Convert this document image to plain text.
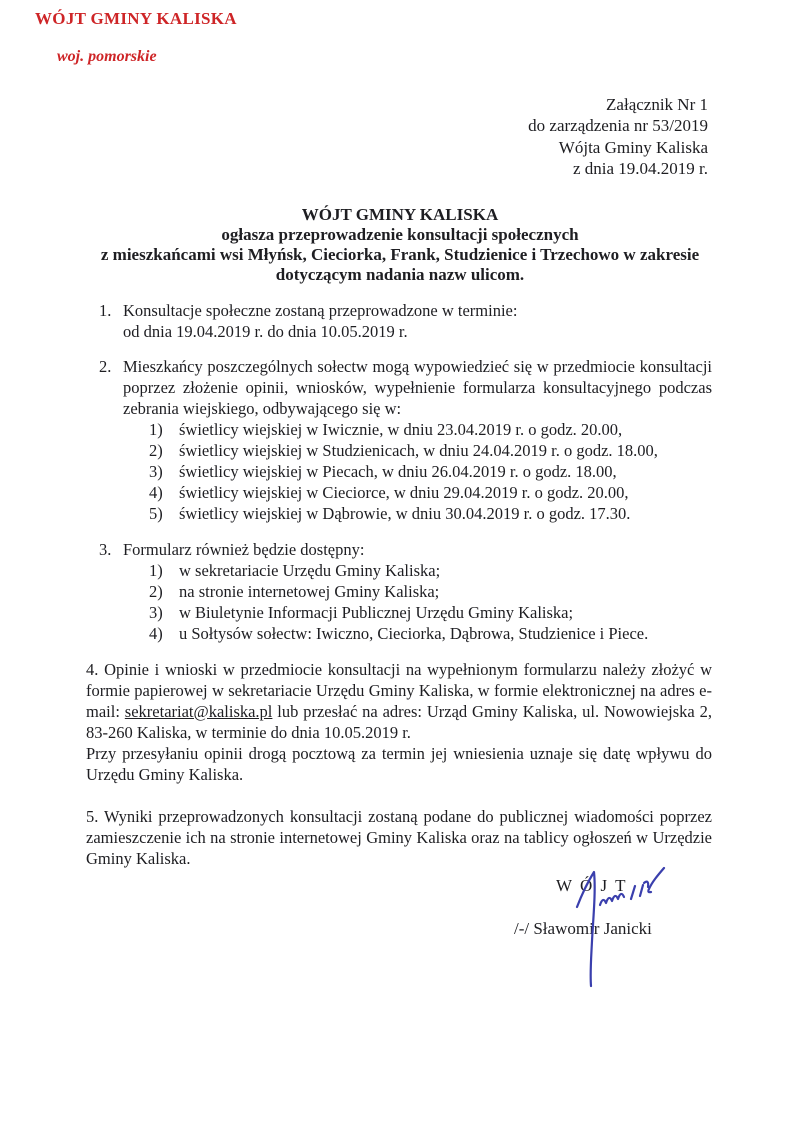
WÓJT GMINY KALISKA
woj. pomorskie
Załącznik Nr 1
do zarządzenia nr 53/2019
Wójta Gminy Kaliska
z dnia 19.04.2019 r.
WÓJT GMINY KALISKA
ogłasza przeprowadzenie konsultacji społecznych
z mieszkańcami wsi Młyńsk, Cieciorka, Frank, Studzienice i Trzechowo w zakresie
dotyczącym nadania nazw ulicom.
1. Konsultacje społeczne zostaną przeprowadzone w terminie:
od dnia 19.04.2019 r. do dnia 10.05.2019 r.
2. Mieszkańcy poszczególnych sołectw mogą wypowiedzieć się w przedmiocie konsultacji poprzez złożenie opinii, wniosków, wypełnienie formularza konsultacyjnego podczas zebrania wiejskiego, odbywającego się w:
1) świetlicy wiejskiej w Iwicznie, w dniu 23.04.2019 r. o godz. 20.00,
2) świetlicy wiejskiej w Studzienicach, w dniu 24.04.2019 r. o godz. 18.00,
3) świetlicy wiejskiej w Piecach, w dniu 26.04.2019 r. o godz. 18.00,
4) świetlicy wiejskiej w Cieciorce, w dniu 29.04.2019 r. o godz. 20.00,
5) świetlicy wiejskiej w Dąbrowie, w dniu 30.04.2019 r. o godz. 17.30.
3. Formularz również będzie dostępny:
1) w sekretariacie Urzędu Gminy Kaliska;
2) na stronie internetowej Gminy Kaliska;
3) w Biuletynie Informacji Publicznej Urzędu Gminy Kaliska;
4) u Sołtysów sołectw: Iwiczno, Cieciorka, Dąbrowa, Studzienice i Piece.

4. Opinie i wnioski w przedmiocie konsultacji na wypełnionym formularzu należy złożyć w formie papierowej w sekretariacie Urzędu Gminy Kaliska, w formie elektronicznej na adres e-mail: sekretariat@kaliska.pl lub przesłać na adres: Urząd Gminy Kaliska, ul. Nowowiejska 2, 83-260 Kaliska, w terminie do dnia 10.05.2019 r.

Przy przesyłaniu opinii drogą pocztową za termin jej wniesienia uznaje się datę wpływu do Urzędu Gminy Kaliska.

5. Wyniki przeprowadzonych konsultacji zostaną podane do publicznej wiadomości poprzez zamieszczenie ich na stronie internetowej Gminy Kaliska oraz na tablicy ogłoszeń w Urzędzie Gminy Kaliska.

W Ó J T
/-/ Sławomir Janicki
